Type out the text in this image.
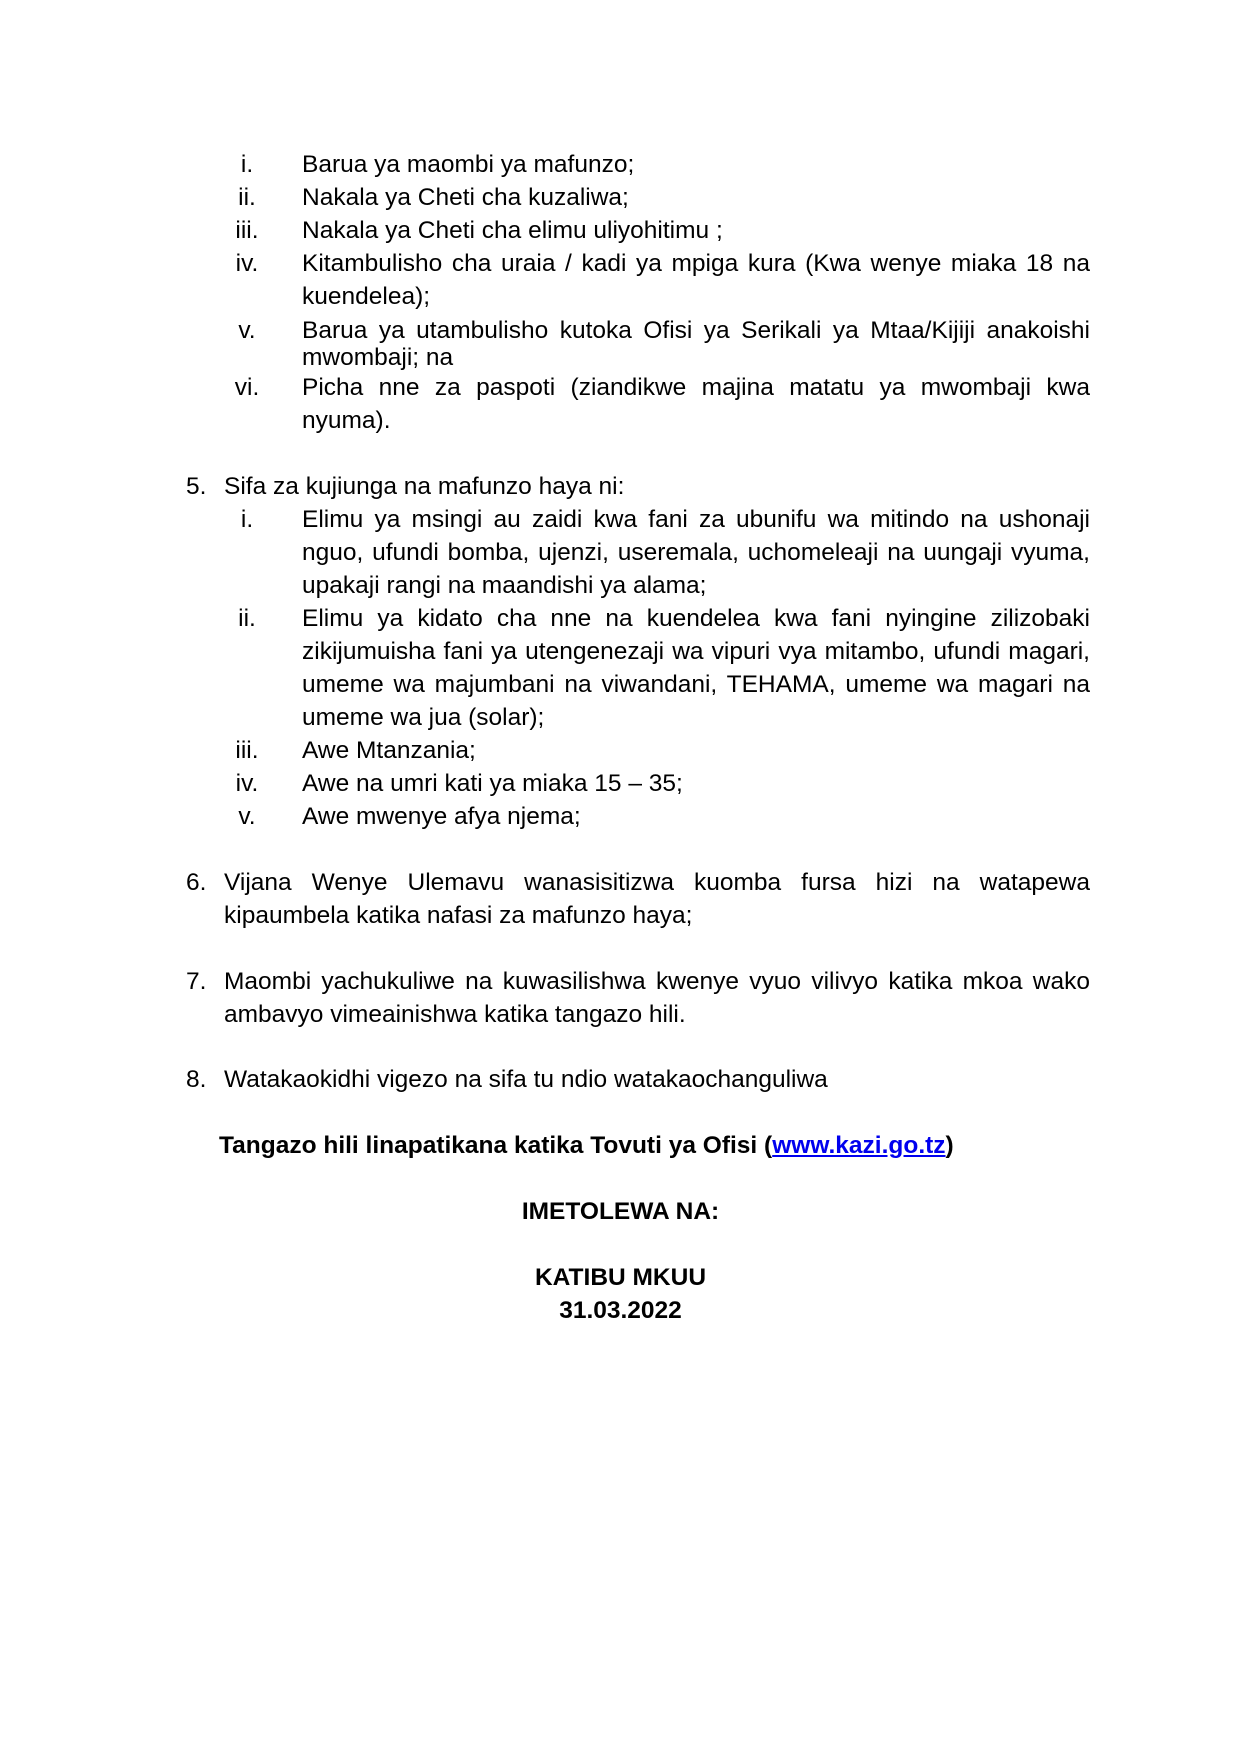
i.	Barua ya maombi ya mafunzo;
ii.	Nakala ya Cheti cha kuzaliwa;
iii.	Nakala ya Cheti cha elimu uliyohitimu ;
iv.	Kitambulisho cha uraia / kadi ya mpiga kura (Kwa wenye miaka 18 na kuendelea);
v.	Barua ya utambulisho kutoka Ofisi ya Serikali ya Mtaa/Kijiji anakoishi mwombaji; na
vi. Picha nne za paspoti (ziandikwe majina matatu ya mwombaji kwa nyuma).
5. Sifa za kujiunga na mafunzo haya ni:
i.	Elimu ya msingi au zaidi kwa fani za ubunifu wa mitindo na ushonaji nguo, ufundi bomba, ujenzi, useremala, uchomeleaji na uungaji vyuma, upakaji rangi na maandishi ya alama;
ii.	Elimu ya kidato cha nne na kuendelea kwa fani nyingine zilizobaki zikijumuisha fani ya utengenezaji wa vipuri vya mitambo, ufundi magari, umeme wa majumbani na viwandani, TEHAMA, umeme wa magari na umeme wa jua (solar);
iii.	Awe Mtanzania;
iv.	Awe na umri kati ya miaka 15 – 35;
v.	Awe mwenye afya njema;
6. Vijana Wenye Ulemavu wanasisitizwa kuomba fursa hizi na watapewa kipaumbela katika nafasi za mafunzo haya;
7. Maombi yachukuliwe na kuwasilishwa kwenye vyuo vilivyo katika mkoa wako ambavyo vimeainishwa katika tangazo hili.
8. Watakaokidhi vigezo na sifa tu ndio watakaochanguliwa
Tangazo hili linapatikana katika Tovuti ya Ofisi (www.kazi.go.tz)
IMETOLEWA NA:
KATIBU MKUU
31.03.2022
